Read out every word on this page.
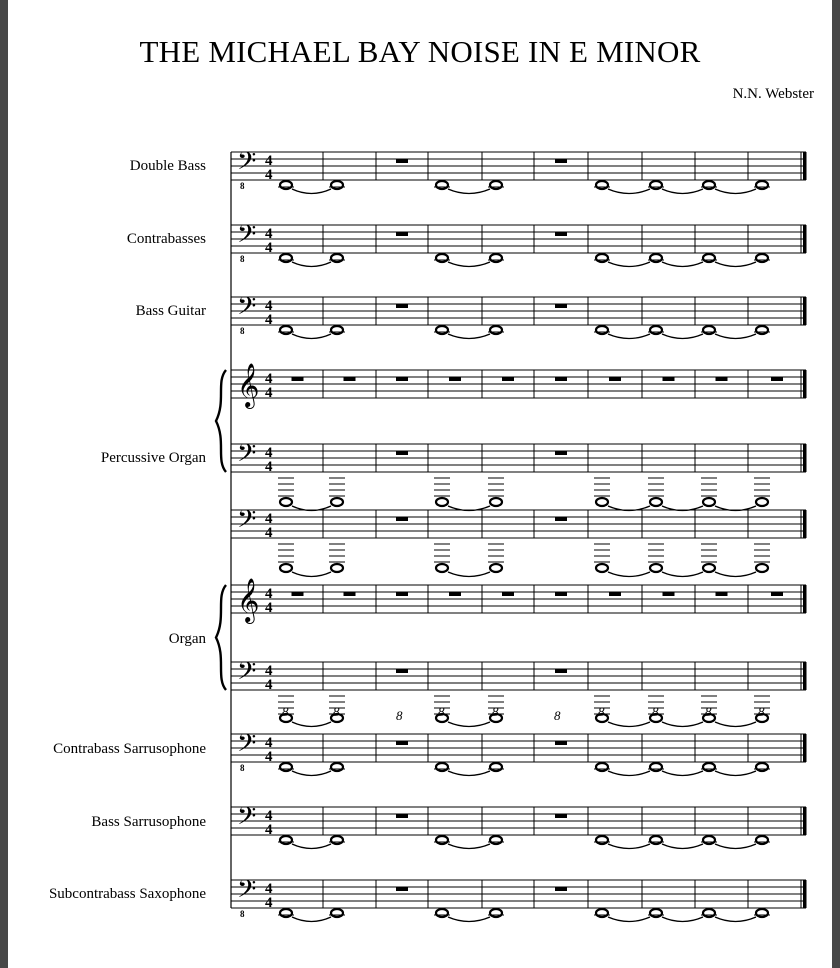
THE MICHAEL BAY NOISE IN E MINOR
N.N. Webster
Double Bass
Contrabasses
Bass Guitar
Percussive Organ
Organ
Contrabass Sarrusophone
Bass Sarrusophone
Subcontrabass Saxophone
𝄢 4
4
8
𝄢 4
4
8
𝄢 4
4
8
𝄞 4
4
𝄢 4
4
𝄢 4
4
𝄞 4
4
𝄢 4
4
8	8	8	8	8	8	8	8
8	8
𝄢 4
4
8
𝄢 4
4
𝄢 4
4
8
